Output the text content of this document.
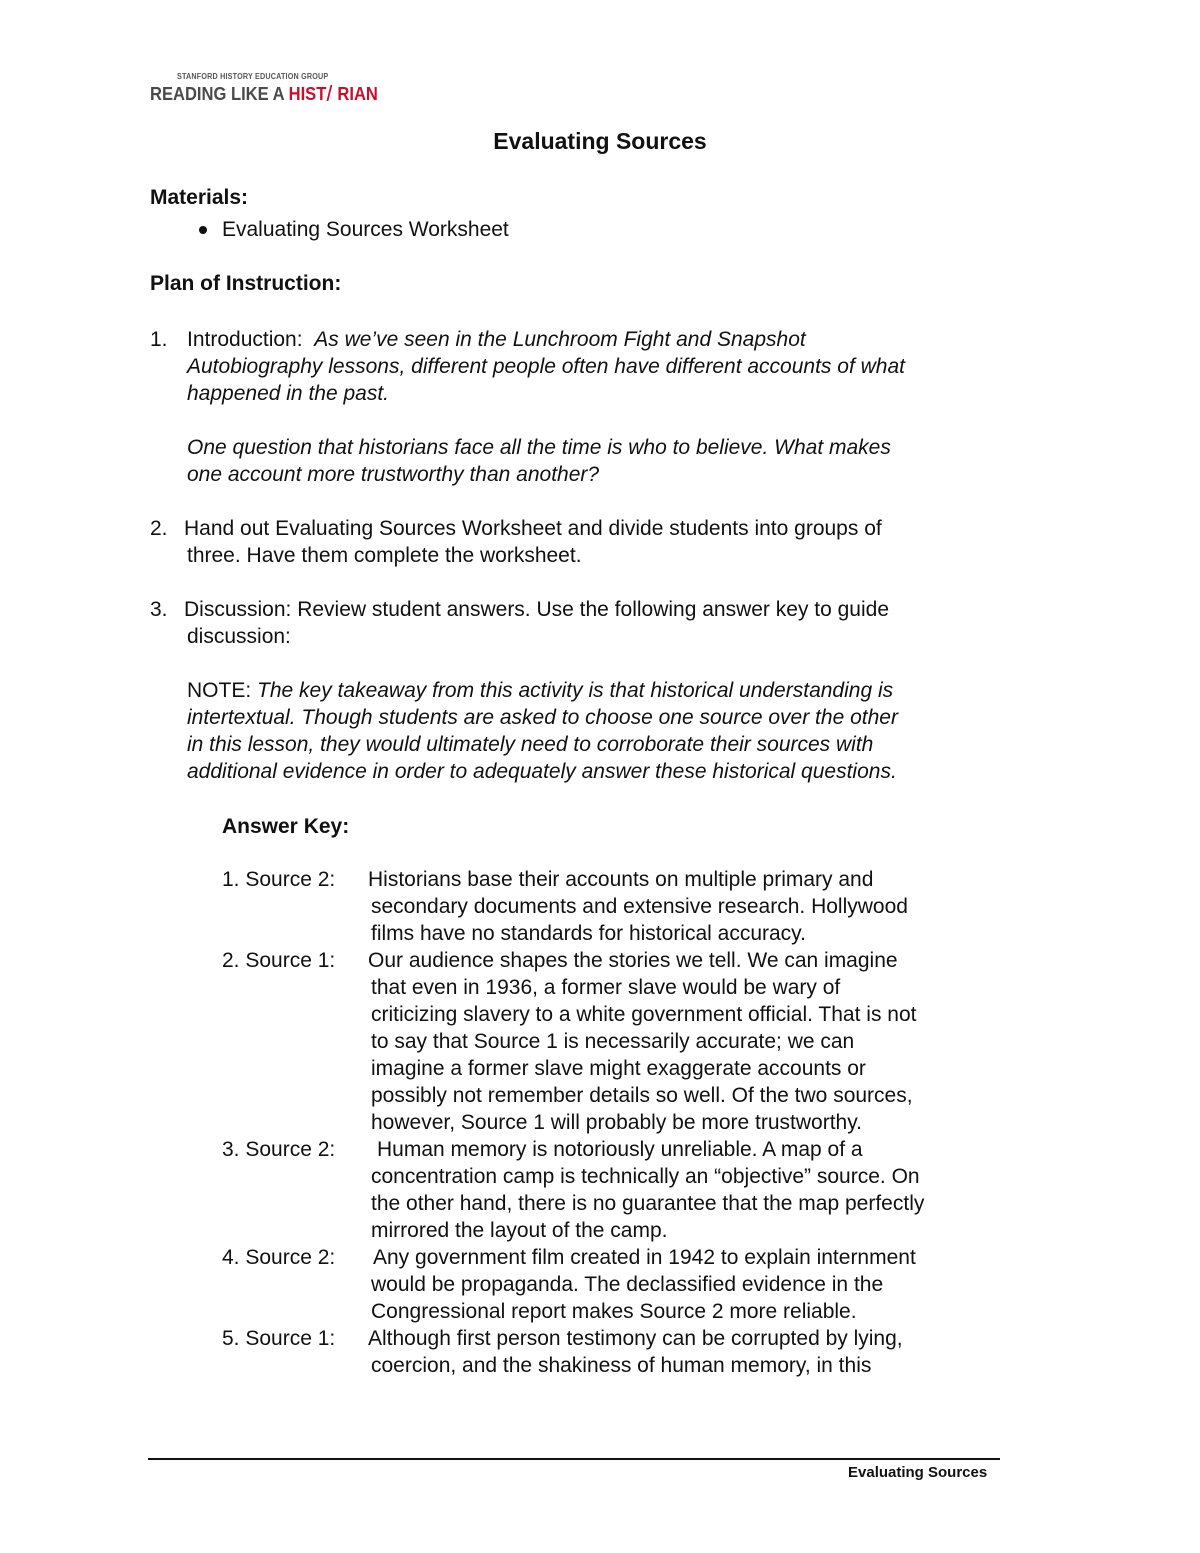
STANFORD HISTORY EDUCATION GROUP
READING LIKE A HIST RIAN
Evaluating Sources
Materials:
Evaluating Sources Worksheet
Plan of Instruction:
1. Introduction: As we’ve seen in the Lunchroom Fight and Snapshot
Autobiography lessons, different people often have different accounts of what
happened in the past.
One question that historians face all the time is who to believe. What makes
one account more trustworthy than another?
2. Hand out Evaluating Sources Worksheet and divide students into groups of
three. Have them complete the worksheet.
3. Discussion: Review student answers. Use the following answer key to guide
discussion:
NOTE: The key takeaway from this activity is that historical understanding is
intertextual. Though students are asked to choose one source over the other
in this lesson, they would ultimately need to corroborate their sources with
additional evidence in order to adequately answer these historical questions.
Answer Key:
1. Source 2: Historians base their accounts on multiple primary and
secondary documents and extensive research. Hollywood
films have no standards for historical accuracy.
2. Source 1: Our audience shapes the stories we tell. We can imagine
that even in 1936, a former slave would be wary of
criticizing slavery to a white government official. That is not
to say that Source 1 is necessarily accurate; we can
imagine a former slave might exaggerate accounts or
possibly not remember details so well. Of the two sources,
however, Source 1 will probably be more trustworthy.
3. Source 2: Human memory is notoriously unreliable. A map of a
concentration camp is technically an “objective” source. On
the other hand, there is no guarantee that the map perfectly
mirrored the layout of the camp.
4. Source 2: Any government film created in 1942 to explain internment
would be propaganda. The declassified evidence in the
Congressional report makes Source 2 more reliable.
5. Source 1: Although first person testimony can be corrupted by lying,
coercion, and the shakiness of human memory, in this
Evaluating Sources
